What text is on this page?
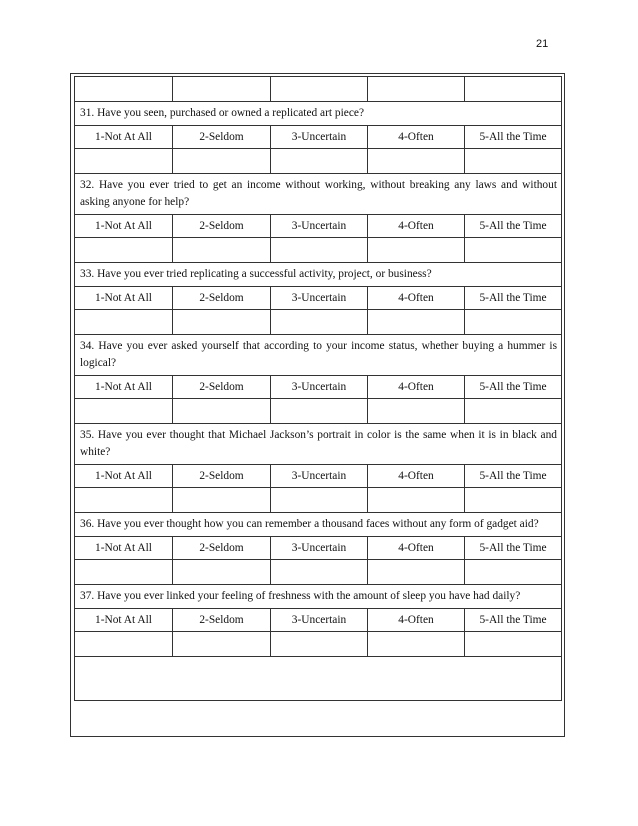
21

31. Have you seen, purchased or owned a replicated art piece?				
1-Not At All	2-Seldom	3-Uncertain	4-Often	5-All the Time

32. Have you ever tried to get an income without working, without breaking any laws and without asking anyone for help?				
1-Not At All	2-Seldom	3-Uncertain	4-Often	5-All the Time

33. Have you ever tried replicating a successful activity, project, or business?				
1-Not At All	2-Seldom	3-Uncertain	4-Often	5-All the Time

34. Have you ever asked yourself that according to your income status, whether buying a hummer is logical?				
1-Not At All	2-Seldom	3-Uncertain	4-Often	5-All the Time

35. Have you ever thought that Michael Jackson’s portrait in color is the same when it is in black and white?				
1-Not At All	2-Seldom	3-Uncertain	4-Often	5-All the Time

36. Have you ever thought how you can remember a thousand faces without any form of gadget aid?				
1-Not At All	2-Seldom	3-Uncertain	4-Often	5-All the Time

37. Have you ever linked your feeling of freshness with the amount of sleep you have had daily?				
1-Not At All	2-Seldom	3-Uncertain	4-Often	5-All the Time
